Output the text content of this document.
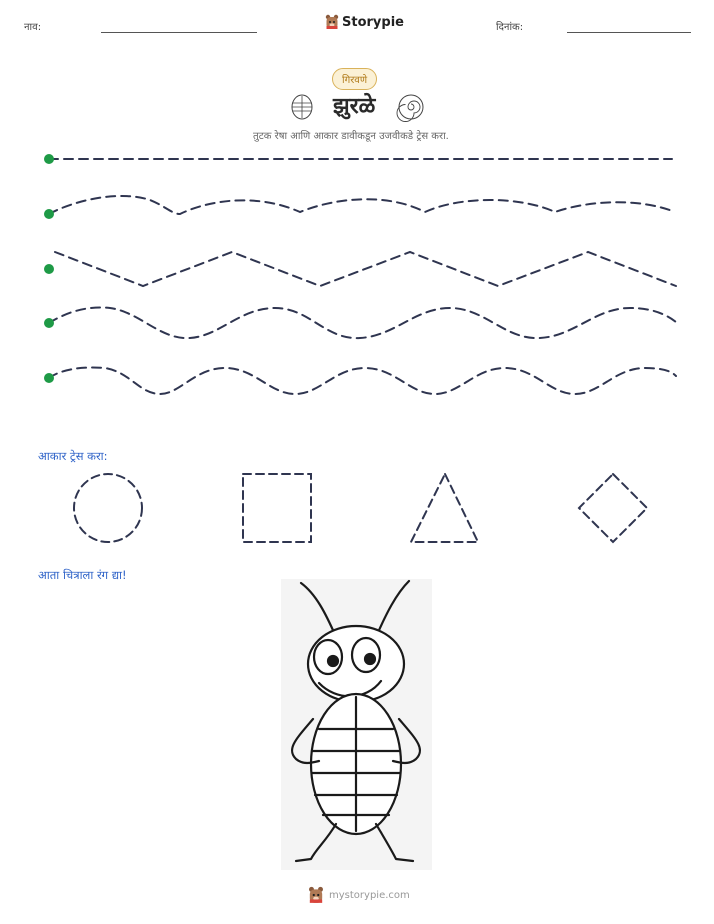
नाव:	Storypie	दिनांक:
गिरवणे
झुरळे
तुटक रेषा आणि आकार डावीकडून उजवीकडे ट्रेस करा.
आकार ट्रेस करा:
आता चित्राला रंग द्या!
mystorypie.com
